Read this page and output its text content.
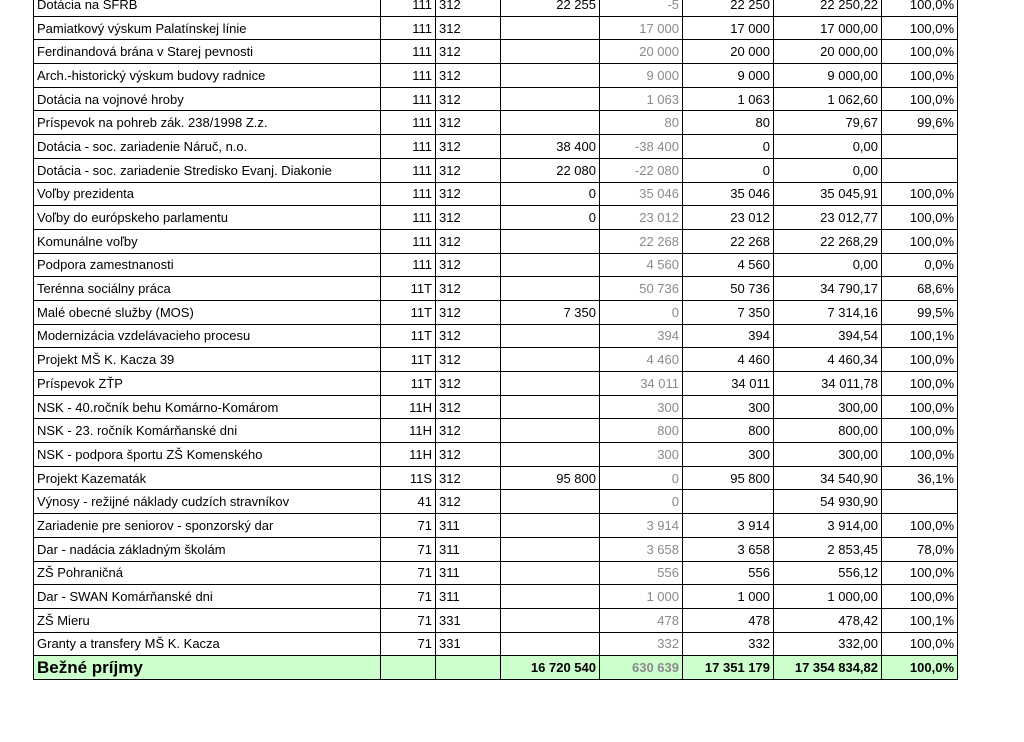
Dotácia na SFRB	111	312	22 255	-5	22 250	22 250,22	100,0%
Pamiatkový výskum Palatínskej línie	111	312		17 000	17 000	17 000,00	100,0%
Ferdinandová brána v Starej pevnosti	111	312		20 000	20 000	20 000,00	100,0%
Arch.-historický výskum budovy radnice	111	312		9 000	9 000	9 000,00	100,0%
Dotácia na vojnové hroby	111	312		1 063	1 063	1 062,60	100,0%
Príspevok na pohreb zák. 238/1998 Z.z.	111	312		80	80	79,67	99,6%
Dotácia - soc. zariadenie Náruč, n.o.	111	312	38 400	-38 400	0	0,00	
Dotácia - soc. zariadenie Stredisko Evanj. Diakonie	111	312	22 080	-22 080	0	0,00	
Voľby prezidenta	111	312	0	35 046	35 046	35 045,91	100,0%
Voľby do európskeho parlamentu	111	312	0	23 012	23 012	23 012,77	100,0%
Komunálne voľby	111	312		22 268	22 268	22 268,29	100,0%
Podpora zamestnanosti	111	312		4 560	4 560	0,00	0,0%
Terénna sociálny práca	11T	312		50 736	50 736	34 790,17	68,6%
Malé obecné služby (MOS)	11T	312	7 350	0	7 350	7 314,16	99,5%
Modernizácia vzdelávacieho procesu	11T	312		394	394	394,54	100,1%
Projekt MŠ K. Kacza 39	11T	312		4 460	4 460	4 460,34	100,0%
Príspevok ZŤP	11T	312		34 011	34 011	34 011,78	100,0%
NSK - 40.ročník behu Komárno-Komárom	11H	312		300	300	300,00	100,0%
NSK - 23. ročník Komárňanské dni	11H	312		800	800	800,00	100,0%
NSK - podpora športu ZŠ Komenského	11H	312		300	300	300,00	100,0%
Projekt Kazematák	11S	312	95 800	0	95 800	34 540,90	36,1%
Výnosy - režijné náklady cudzích stravníkov	41	312		0		54 930,90	
Zariadenie pre seniorov - sponzorský dar	71	311		3 914	3 914	3 914,00	100,0%
Dar - nadácia základným školám	71	311		3 658	3 658	2 853,45	78,0%
ZŠ Pohraničná	71	311		556	556	556,12	100,0%
Dar - SWAN Komárňanské dni	71	311		1 000	1 000	1 000,00	100,0%
ZŠ Mieru	71	331		478	478	478,42	100,1%
Granty a transfery MŠ K. Kacza	71	331		332	332	332,00	100,0%
Bežné príjmy			16 720 540	630 639	17 351 179	17 354 834,82	100,0%
